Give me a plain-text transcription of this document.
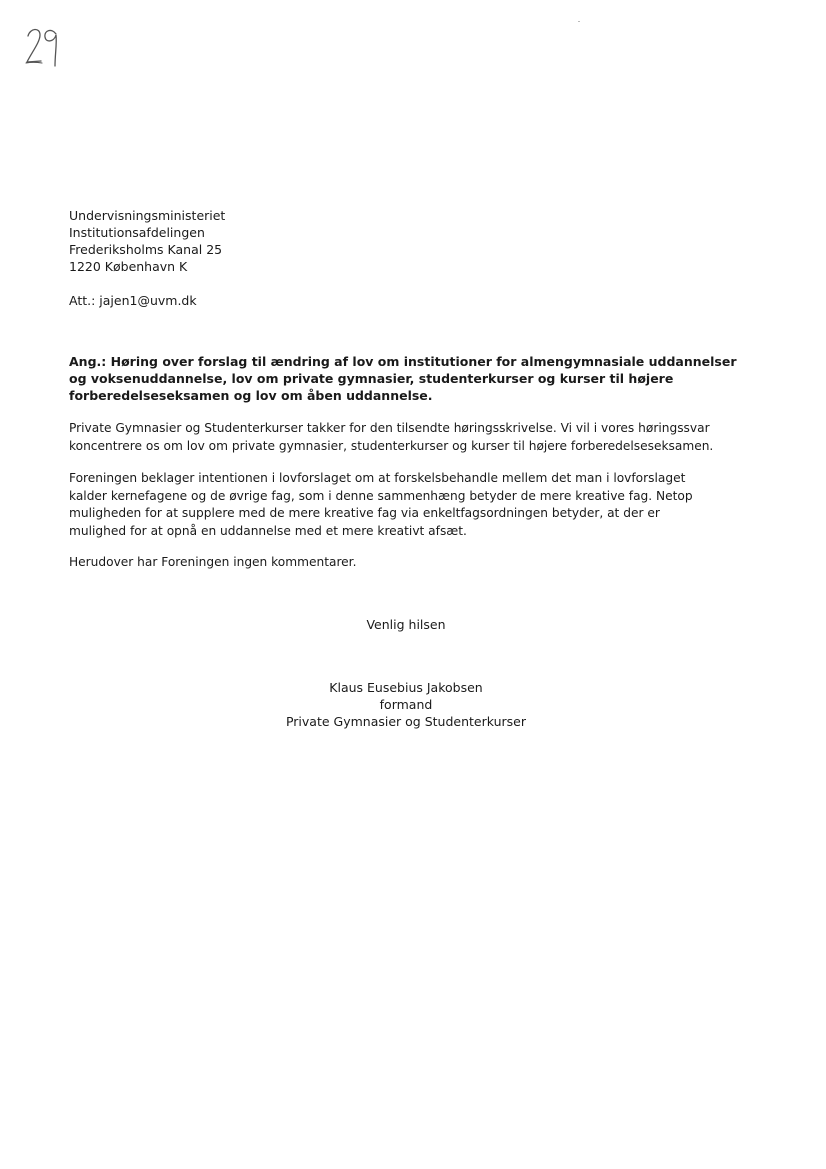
Undervisningsministeriet
Institutionsafdelingen
Frederiksholms Kanal 25
1220 København K
Att.: jajen1@uvm.dk
Ang.: Høring over forslag til ændring af lov om institutioner for almengymnasiale uddannelser
og voksenuddannelse, lov om private gymnasier, studenterkurser og kurser til højere
forberedelseseksamen og lov om åben uddannelse.
Private Gymnasier og Studenterkurser takker for den tilsendte høringsskrivelse. Vi vil i vores høringssvar
koncentrere os om lov om private gymnasier, studenterkurser og kurser til højere forberedelseseksamen.
Foreningen beklager intentionen i lovforslaget om at forskelsbehandle mellem det man i lovforslaget
kalder kernefagene og de øvrige fag, som i denne sammenhæng betyder de mere kreative fag. Netop
muligheden for at supplere med de mere kreative fag via enkeltfagsordningen betyder, at der er
mulighed for at opnå en uddannelse med et mere kreativt afsæt.
Herudover har Foreningen ingen kommentarer.
Venlig hilsen
Klaus Eusebius Jakobsen
formand
Private Gymnasier og Studenterkurser
